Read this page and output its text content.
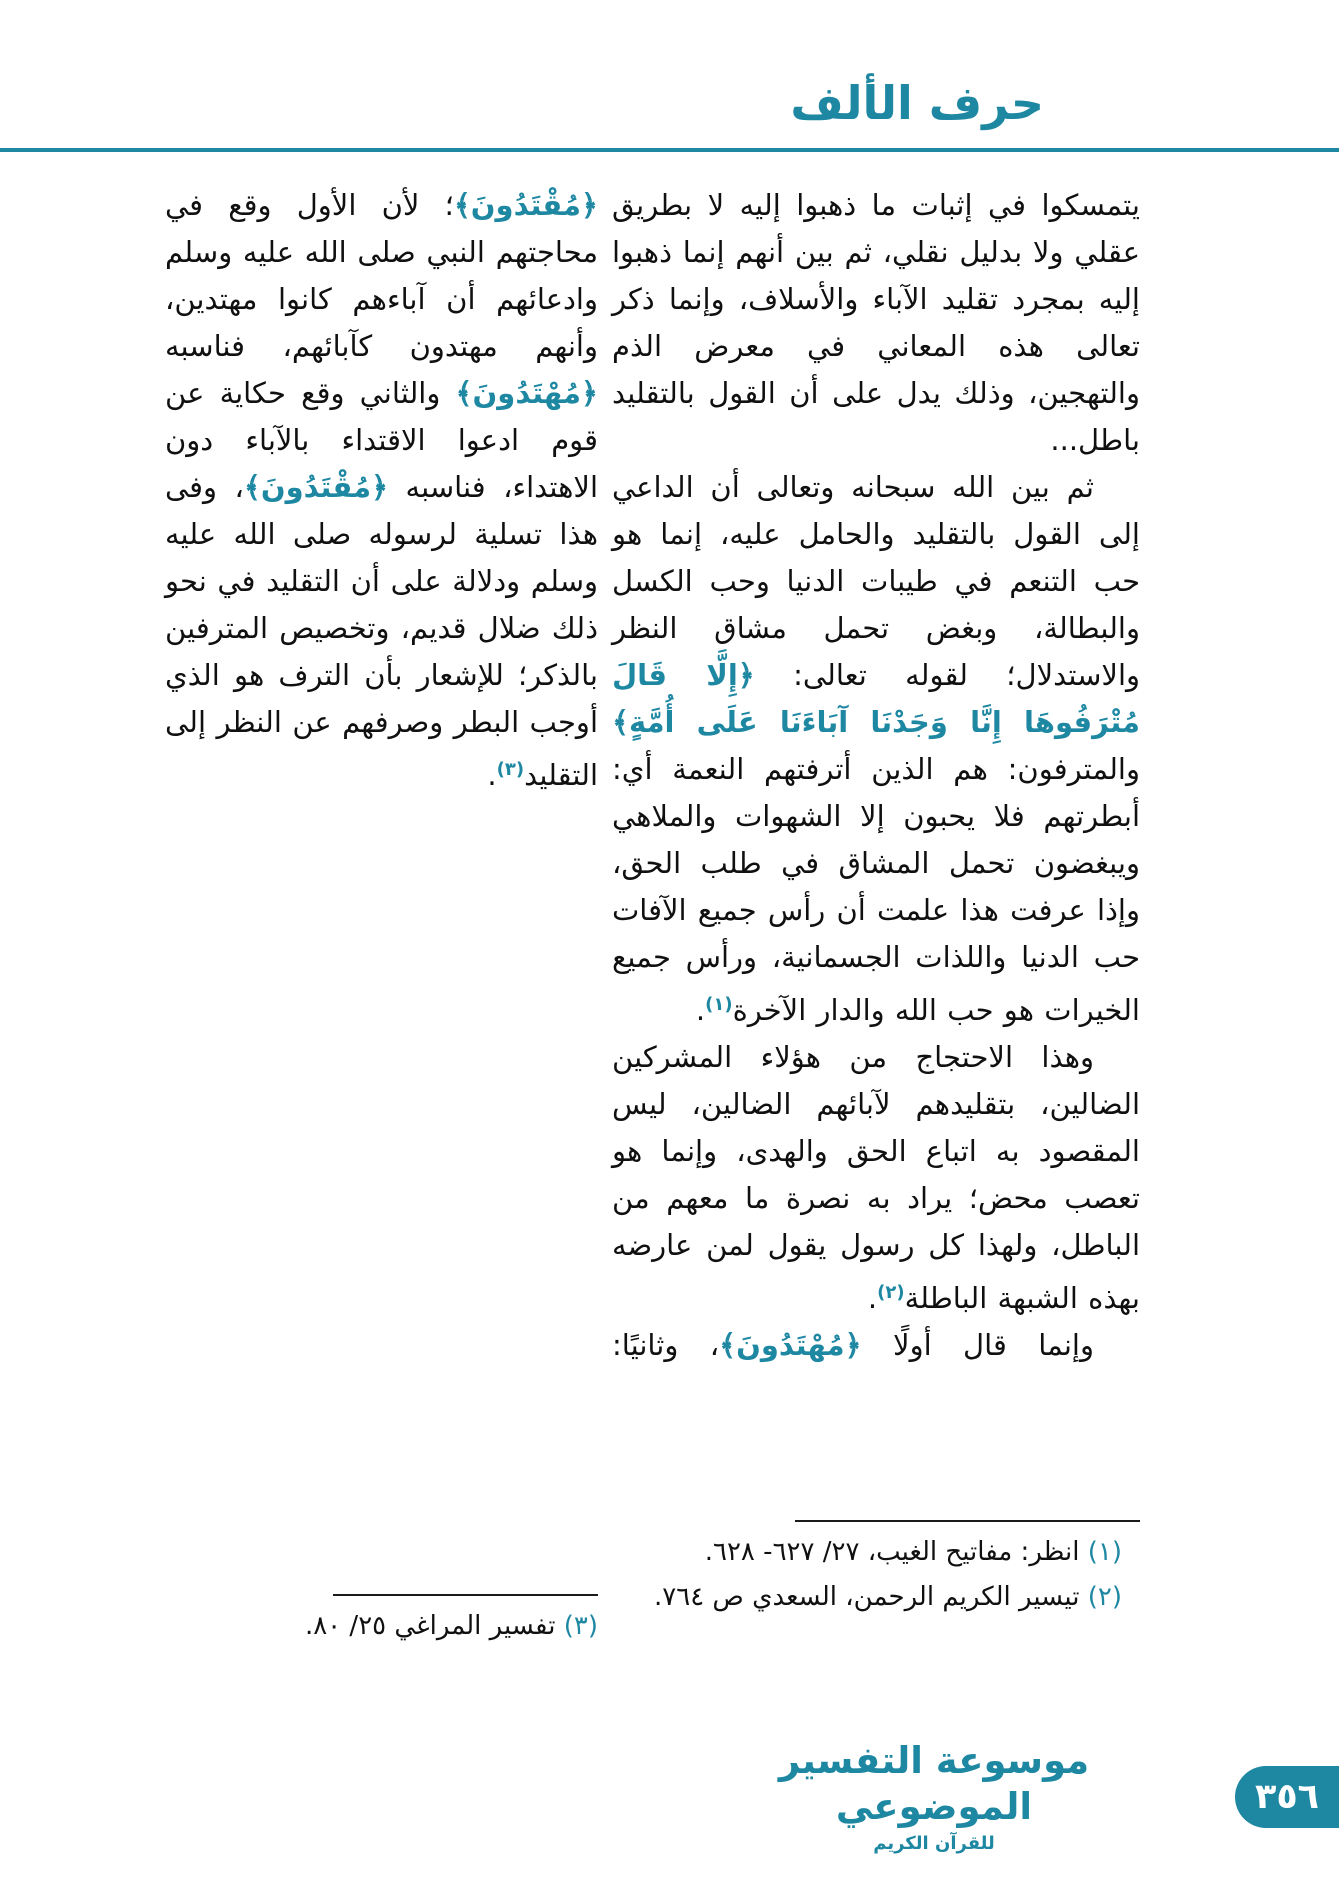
حرف الألف

يتمسكوا في إثبات ما ذهبوا إليه لا بطريق عقلي ولا بدليل نقلي، ثم بين أنهم إنما ذهبوا إليه بمجرد تقليد الآباء والأسلاف، وإنما ذكر تعالى هذه المعاني في معرض الذم والتهجين، وذلك يدل على أن القول بالتقليد باطل...

ثم بين الله سبحانه وتعالى أن الداعي إلى القول بالتقليد والحامل عليه، إنما هو حب التنعم في طيبات الدنيا وحب الكسل والبطالة، وبغض تحمل مشاق النظر والاستدلال؛ لقوله تعالى: ﴿إِلَّا قَالَ مُتْرَفُوهَا إِنَّا وَجَدْنَا آبَاءَنَا عَلَى أُمَّةٍ﴾ والمترفون: هم الذين أترفتهم النعمة أي: أبطرتهم فلا يحبون إلا الشهوات والملاهي ويبغضون تحمل المشاق في طلب الحق، وإذا عرفت هذا علمت أن رأس جميع الآفات حب الدنيا واللذات الجسمانية، ورأس جميع الخيرات هو حب الله والدار الآخرة$^{(١)}$.

وهذا الاحتجاج من هؤلاء المشركين الضالين، بتقليدهم لآبائهم الضالين، ليس المقصود به اتباع الحق والهدى، وإنما هو تعصب محض؛ يراد به نصرة ما معهم من الباطل، ولهذا كل رسول يقول لمن عارضه بهذه الشبهة الباطلة$^{(٢)}$.

وإنما قال أولًا ﴿مُهْتَدُونَ﴾، وثانيًا:

﴿مُقْتَدُونَ﴾؛ لأن الأول وقع في محاجتهم النبي صلى الله عليه وسلم وادعائهم أن آباءهم كانوا مهتدين، وأنهم مهتدون كآبائهم، فناسبه ﴿مُهْتَدُونَ﴾ والثاني وقع حكاية عن قوم ادعوا الاقتداء بالآباء دون الاهتداء، فناسبه ﴿مُقْتَدُونَ﴾، وفى هذا تسلية لرسوله صلى الله عليه وسلم ودلالة على أن التقليد في نحو ذلك ضلال قديم، وتخصيص المترفين بالذكر؛ للإشعار بأن الترف هو الذي أوجب البطر وصرفهم عن النظر إلى التقليد$^{(٣)}$.

(١) انظر: مفاتيح الغيب، ٢٧/ ٦٢٧- ٦٢٨.
(٢) تيسير الكريم الرحمن، السعدي ص ٧٦٤.
(٣) تفسير المراغي ٢٥/ ٨٠.
موسوعة التفسير الموضوعي
للقرآن الكريم
٣٥٦
